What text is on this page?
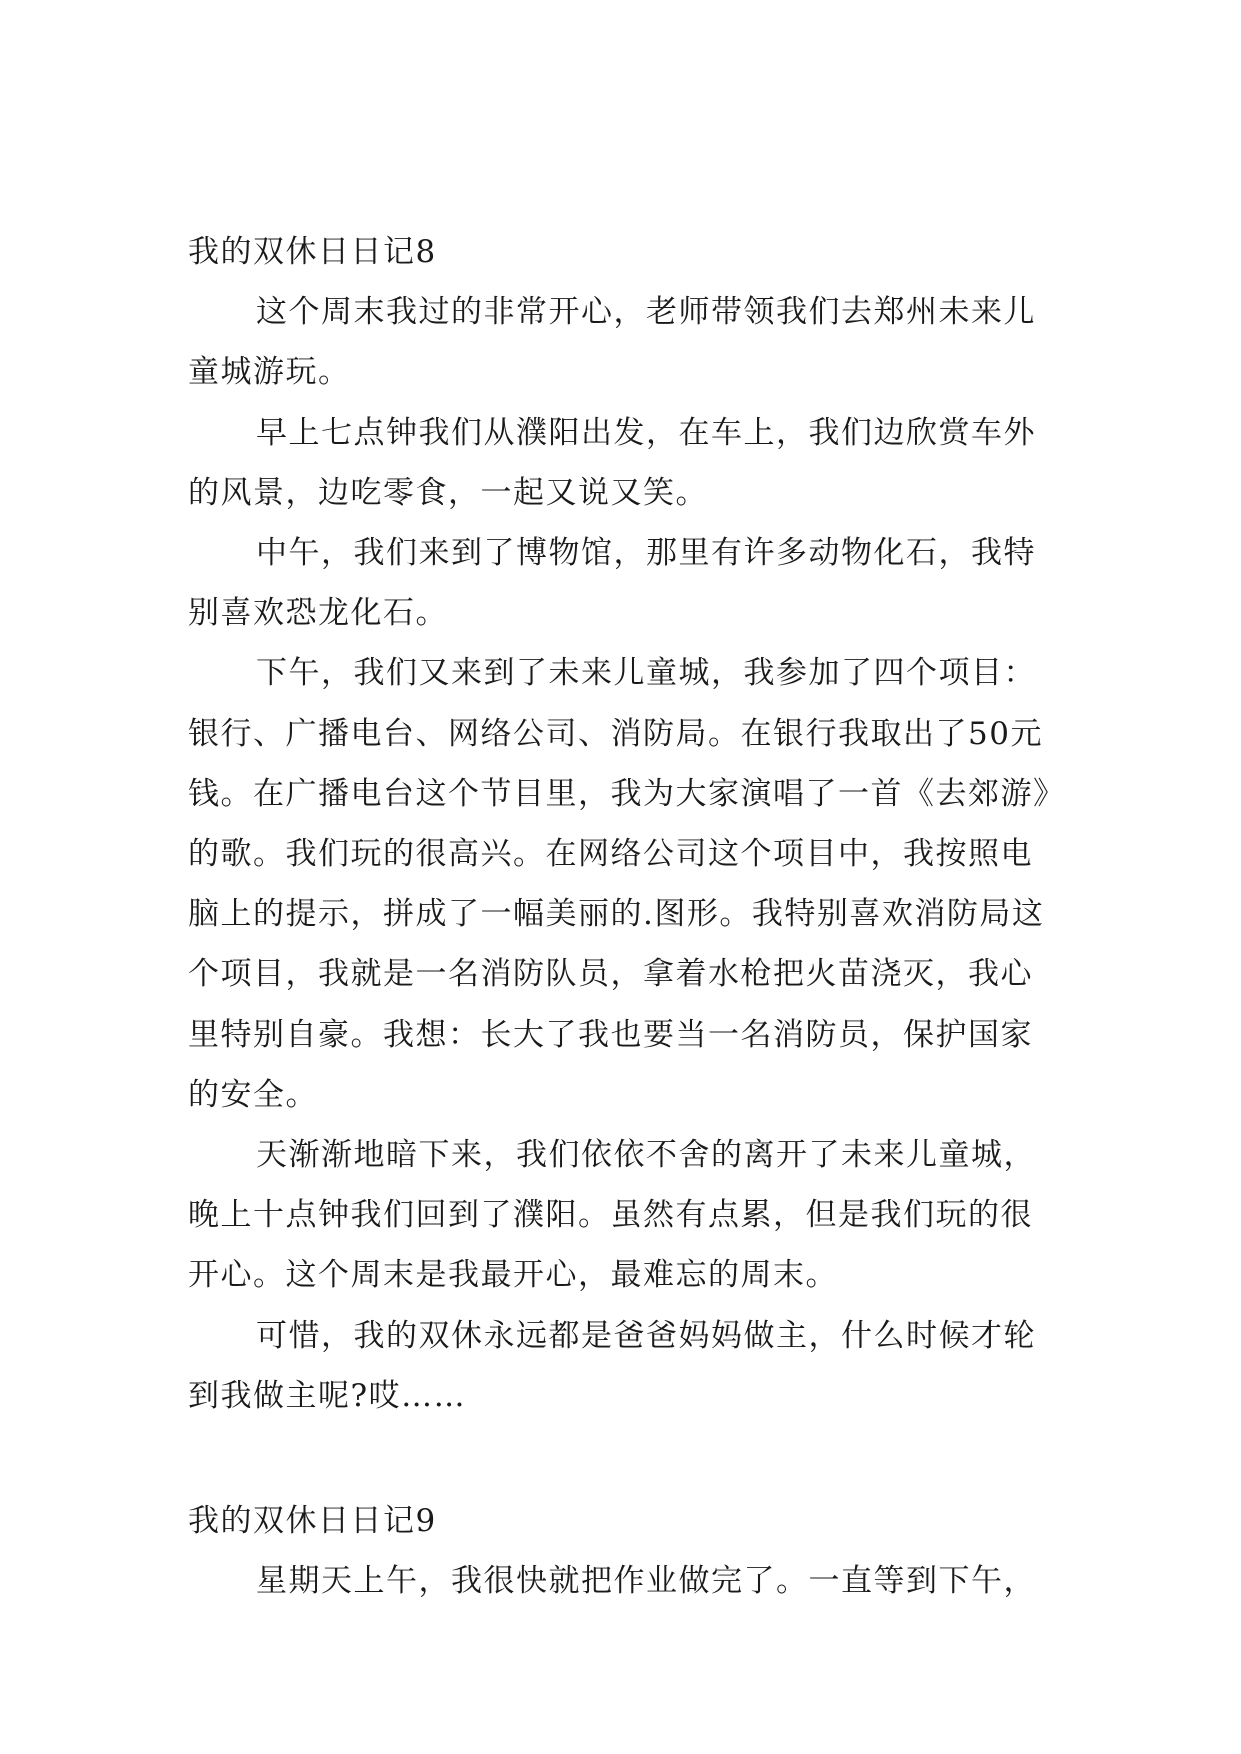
我的双休日日记8

这个周末我过的非常开心，老师带领我们去郑州未来儿童城游玩。

早上七点钟我们从濮阳出发，在车上，我们边欣赏车外的风景，边吃零食，一起又说又笑。

中午，我们来到了博物馆，那里有许多动物化石，我特别喜欢恐龙化石。

下午，我们又来到了未来儿童城，我参加了四个项目：银行、广播电台、网络公司、消防局。在银行我取出了50元钱。在广播电台这个节目里，我为大家演唱了一首《去郊游》的歌。我们玩的很高兴。在网络公司这个项目中，我按照电脑上的提示，拼成了一幅美丽的.图形。我特别喜欢消防局这个项目，我就是一名消防队员，拿着水枪把火苗浇灭，我心里特别自豪。我想：长大了我也要当一名消防员，保护国家的安全。

天渐渐地暗下来，我们依依不舍的离开了未来儿童城，晚上十点钟我们回到了濮阳。虽然有点累，但是我们玩的很开心。这个周末是我最开心，最难忘的周末。

可惜，我的双休永远都是爸爸妈妈做主，什么时候才轮到我做主呢?哎……

我的双休日日记9

星期天上午，我很快就把作业做完了。一直等到下午，
